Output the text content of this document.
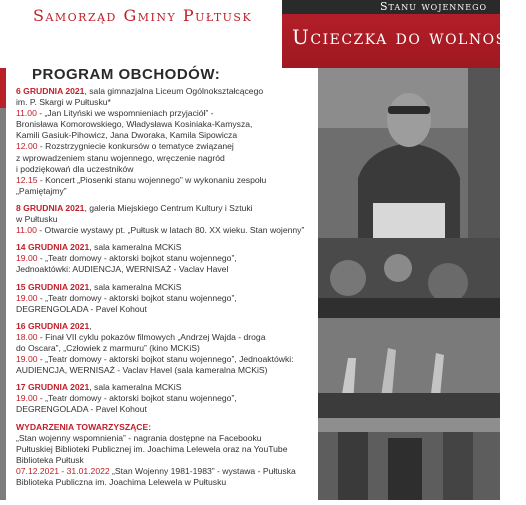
Samorząd Gminy Pułtusk	Stanu wojennego
Ucieczka do wolności
PROGRAM OBCHODÓW:
6 GRUDNIA 2021, sala gimnazjalna Liceum Ogólnokształcącego
im. P. Skargi w Pułtusku*
11.00 - „Jan Lityński we wspomnieniach przyjaciół” -
Bronisława Komorowskiego, Władysława Kosiniaka-Kamysza,
Kamili Gasiuk-Pihowicz, Jana Dworaka, Kamila Sipowicza
12.00 - Rozstrzygniecie konkursów o tematyce związanej
z wprowadzeniem stanu wojennego, wręczenie nagród
i podziękowań dla uczestników
12.15 - Koncert „Piosenki stanu wojennego” w wykonaniu zespołu
„Pamiętajmy”
8 GRUDNIA 2021, galeria Miejskiego Centrum Kultury i Sztuki
w Pułtusku
11.00 - Otwarcie wystawy pt. „Pułtusk w latach 80. XX wieku. Stan wojenny”
14 GRUDNIA 2021, sala kameralna MCKiS
19.00 - „Teatr domowy - aktorski bojkot stanu wojennego”,
Jednoaktówki: AUDIENCJA, WERNISAŻ - Vaclav Havel
15 GRUDNIA 2021, sala kameralna MCKiS
19.00 - „Teatr domowy - aktorski bojkot stanu wojennego”,
DEGRENGOLADA - Pavel Kohout
16 GRUDNIA 2021,
18.00 - Finał VII cyklu pokazów filmowych „Andrzej Wajda - droga
do Oscara”, „Człowiek z marmuru” (kino MCKiS)
19.00 - „Teatr domowy - aktorski bojkot stanu wojennego”, Jednoaktówki:
AUDIENCJA, WERNISAŻ - Vaclav Havel (sala kameralna MCKiS)
17 GRUDNIA 2021, sala kameralna MCKiS
19.00 - „Teatr domowy - aktorski bojkot stanu wojennego”,
DEGRENGOLADA - Pavel Kohout
WYDARZENIA TOWARZYSZĄCE:
„Stan wojenny wspomnienia” - nagrania dostępne na Facebooku
Pułtuskiej Biblioteki Publicznej im. Joachima Lelewela oraz na YouTube
Biblioteka Pułtusk
07.12.2021 - 31.01.2022 „Stan Wojenny 1981-1983” - wystawa - Pułtuska
Biblioteka Publiczna im. Joachima Lelewela w Pułtusku
